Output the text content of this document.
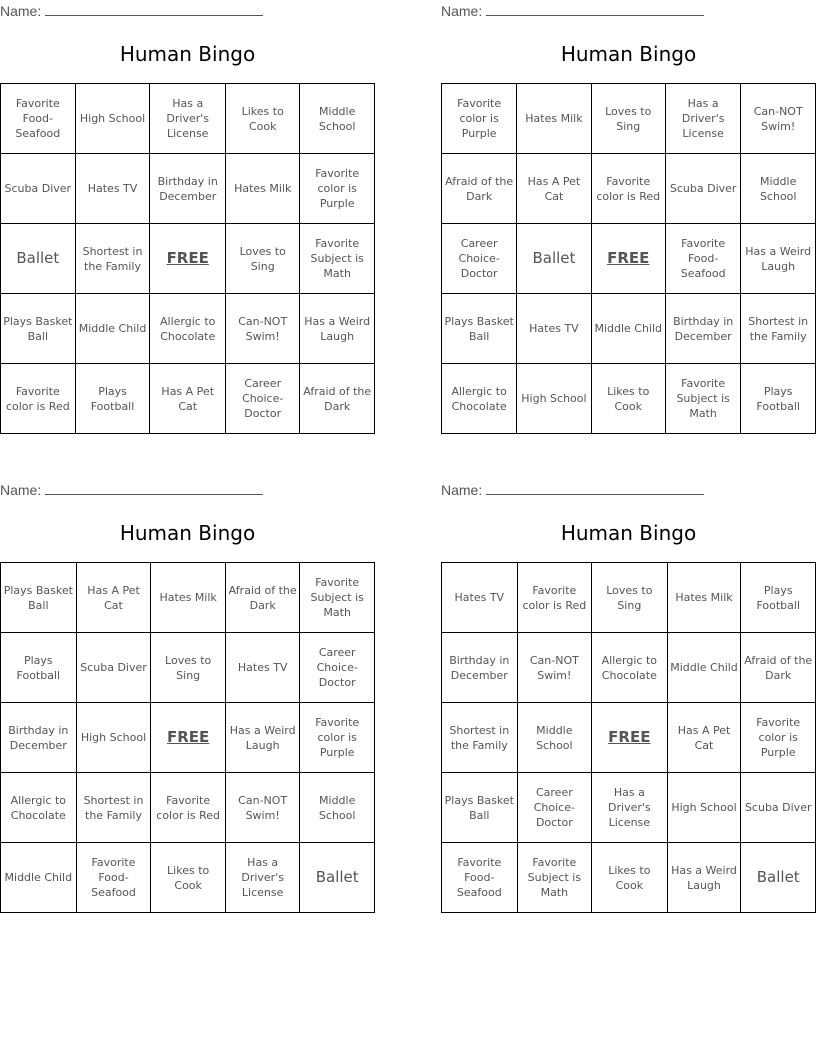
Name:
Human Bingo
Favorite Food-Seafood	High School	Has a Driver's License	Likes to Cook	Middle School
Scuba Diver	Hates TV	Birthday in December	Hates Milk	Favorite color is Purple
Ballet	Shortest in the Family	FREE	Loves to Sing	Favorite Subject is Math
Plays Basket Ball	Middle Child	Allergic to Chocolate	Can-NOT Swim!	Has a Weird Laugh
Favorite color is Red	Plays Football	Has A Pet Cat	Career Choice-Doctor	Afraid of the Dark
Name:
Human Bingo
Favorite color is Purple	Hates Milk	Loves to Sing	Has a Driver's License	Can-NOT Swim!
Afraid of the Dark	Has A Pet Cat	Favorite color is Red	Scuba Diver	Middle School
Career Choice-Doctor	Ballet	FREE	Favorite Food-Seafood	Has a Weird Laugh
Plays Basket Ball	Hates TV	Middle Child	Birthday in December	Shortest in the Family
Allergic to Chocolate	High School	Likes to Cook	Favorite Subject is Math	Plays Football
Name:
Human Bingo
Plays Basket Ball	Has A Pet Cat	Hates Milk	Afraid of the Dark	Favorite Subject is Math
Plays Football	Scuba Diver	Loves to Sing	Hates TV	Career Choice-Doctor
Birthday in December	High School	FREE	Has a Weird Laugh	Favorite color is Purple
Allergic to Chocolate	Shortest in the Family	Favorite color is Red	Can-NOT Swim!	Middle School
Middle Child	Favorite Food-Seafood	Likes to Cook	Has a Driver's License	Ballet
Name:
Human Bingo
Hates TV	Favorite color is Red	Loves to Sing	Hates Milk	Plays Football
Birthday in December	Can-NOT Swim!	Allergic to Chocolate	Middle Child	Afraid of the Dark
Shortest in the Family	Middle School	FREE	Has A Pet Cat	Favorite color is Purple
Plays Basket Ball	Career Choice-Doctor	Has a Driver's License	High School	Scuba Diver
Favorite Food-Seafood	Favorite Subject is Math	Likes to Cook	Has a Weird Laugh	Ballet
